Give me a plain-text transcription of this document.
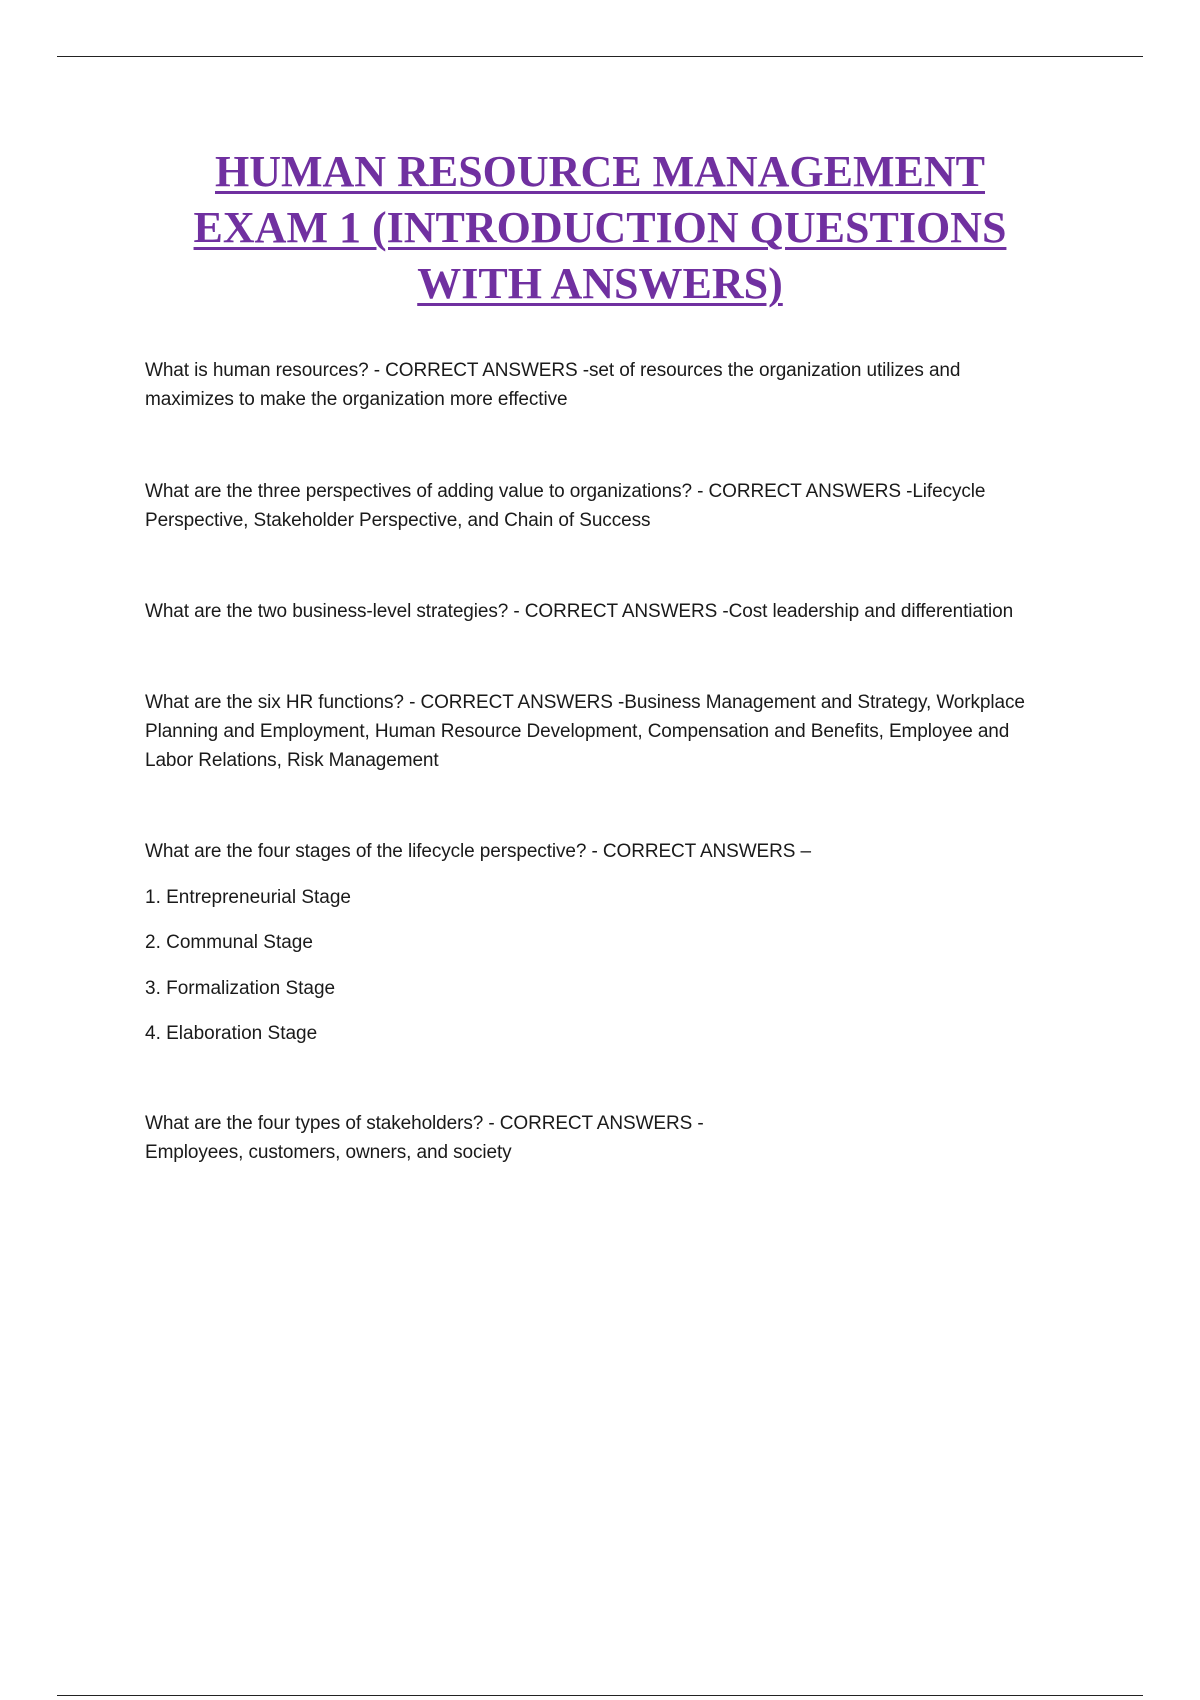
HUMAN RESOURCE MANAGEMENT
EXAM 1 (INTRODUCTION QUESTIONS
WITH ANSWERS)

What is human resources? - CORRECT ANSWERS -set of resources the organization utilizes and
maximizes to make the organization more effective

What are the three perspectives of adding value to organizations? - CORRECT ANSWERS -Lifecycle
Perspective, Stakeholder Perspective, and Chain of Success

What are the two business-level strategies? - CORRECT ANSWERS -Cost leadership and differentiation

What are the six HR functions? - CORRECT ANSWERS -Business Management and Strategy, Workplace
Planning and Employment, Human Resource Development, Compensation and Benefits, Employee and
Labor Relations, Risk Management

What are the four stages of the lifecycle perspective? - CORRECT ANSWERS –

1. Entrepreneurial Stage

2. Communal Stage

3. Formalization Stage

4. Elaboration Stage

What are the four types of stakeholders? - CORRECT ANSWERS -
Employees, customers, owners, and society
